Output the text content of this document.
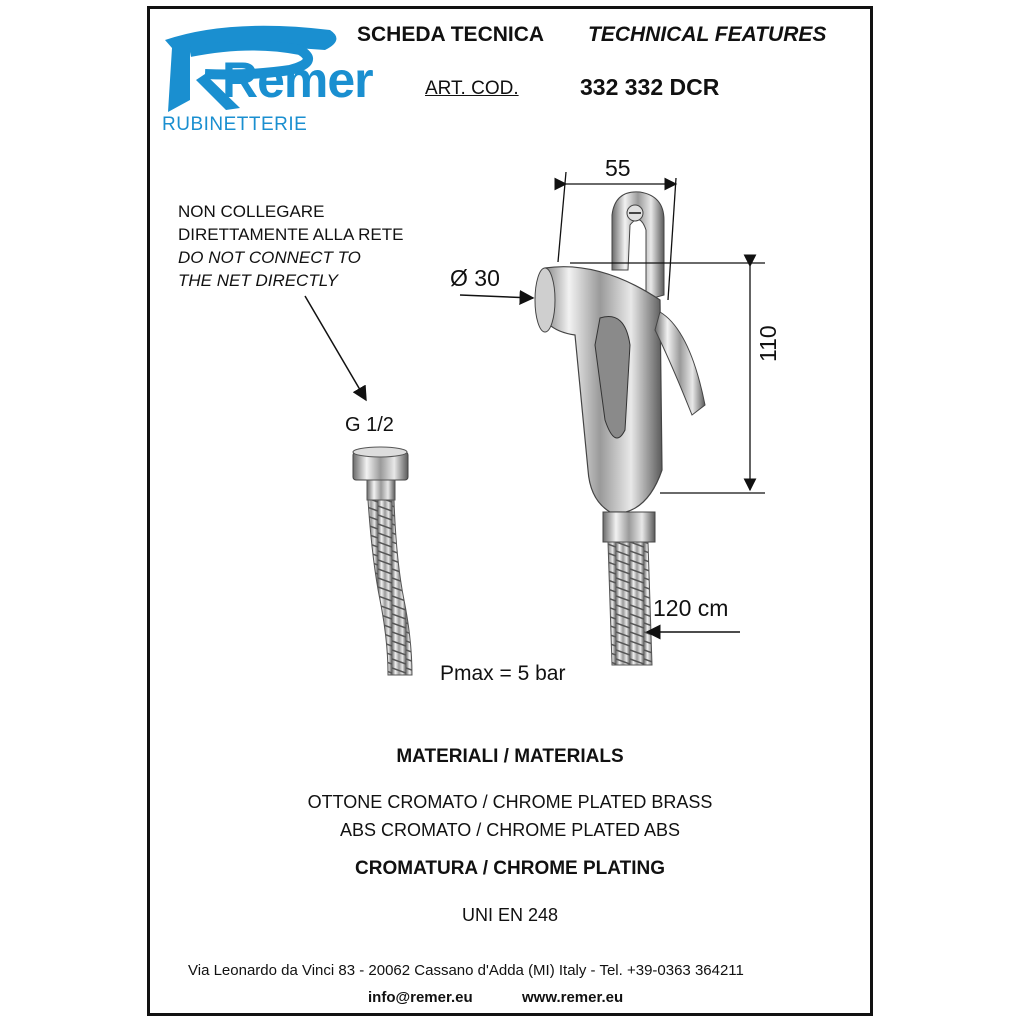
Remer
RUBINETTERIE
SCHEDA TECNICA TECHNICAL FEATURES
ART. COD.	332 332 DCR
NON COLLEGARE
DIRETTAMENTE ALLA RETE
DO NOT CONNECT TO
THE NET DIRECTLY
55
Ø 30
110
G 1/2
120 cm
Pmax = 5 bar
MATERIALI / MATERIALS
OTTONE CROMATO / CHROME PLATED BRASS
ABS CROMATO / CHROME PLATED ABS
CROMATURA / CHROME PLATING
UNI EN 248
Via Leonardo da Vinci 83 - 20062 Cassano d'Adda (MI) Italy - Tel. +39-0363 364211
info@remer.eu	www.remer.eu
